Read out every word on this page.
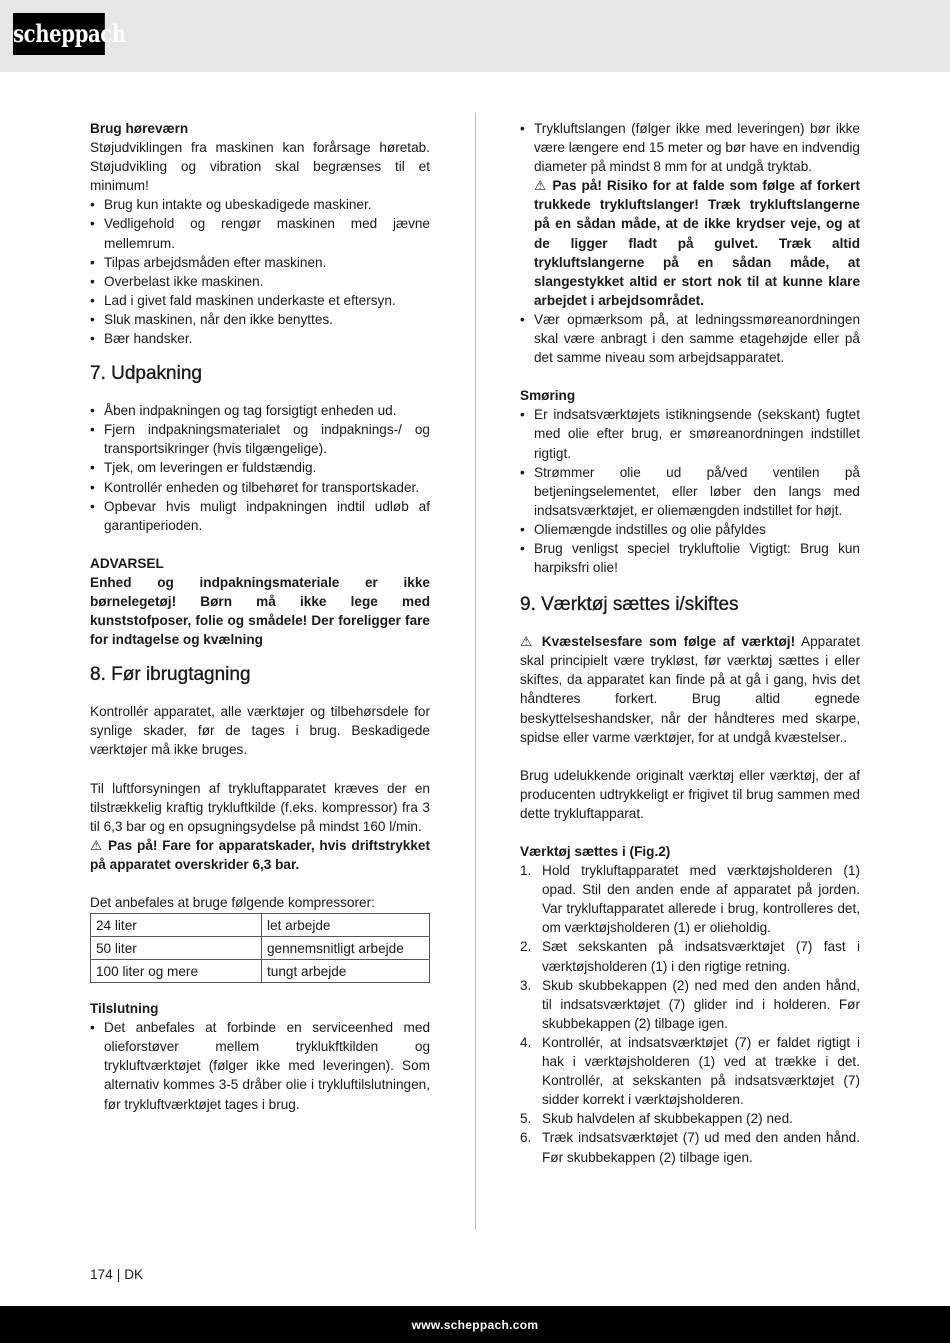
scheppach
Brug høreværn

Støjudviklingen fra maskinen kan forårsage høretab. Støjudvikling og vibration skal begrænses til et minimum!

• Brug kun intakte og ubeskadigede maskiner.
• Vedligehold og rengør maskinen med jævne mellemrum.
• Tilpas arbejdsmåden efter maskinen.
• Overbelast ikke maskinen.
• Lad i givet fald maskinen underkaste et eftersyn.
• Sluk maskinen, når den ikke benyttes.
• Bær handsker.
7. Udpakning
• Åben indpakningen og tag forsigtigt enheden ud.
• Fjern indpakningsmaterialet og indpaknings-/ og transportsikringer (hvis tilgængelige).
• Tjek, om leveringen er fuldstændig.
• Kontrollér enheden og tilbehøret for transportskader.
• Opbevar hvis muligt indpakningen indtil udløb af garantiperioden.
ADVARSEL

Enhed og indpakningsmateriale er ikke børnelegetøj! Børn må ikke lege med kunststofposer, folie og smådele! Der foreligger fare for indtagelse og kvælning

8. Før ibrugtagning

Kontrollér apparatet, alle værktøjer og tilbehørsdele for synlige skader, før de tages i brug. Beskadigede værktøjer må ikke bruges.

Til luftforsyningen af trykluftapparatet kræves der en tilstrækkelig kraftig trykluftkilde (f.eks. kompressor) fra 3 til 6,3 bar og en opsugningsydelse på mindst 160 l/min.

⚠ Pas på! Fare for apparatskader, hvis driftstrykket på apparatet overskrider 6,3 bar.

Det anbefales at bruge følgende kompressorer:

24 liter	let arbejde
50 liter	gennemsnitligt arbejde
100 liter og mere	tungt arbejde
Tilslutning
• Det anbefales at forbinde en serviceenhed med olieforstøver mellem tryklukftkilden og trykluftværktøjet (følger ikke med leveringen). Som alternativ kommes 3-5 dråber olie i trykluftilslutningen, før trykluftværktøjet tages i brug.
• Trykluftslangen (følger ikke med leveringen) bør ikke være længere end 15 meter og bør have en indvendig diameter på mindst 8 mm for at undgå tryktab.
⚠ Pas på! Risiko for at falde som følge af forkert trukkede trykluftslanger! Træk trykluftslangerne på en sådan måde, at de ikke krydser veje, og at de ligger fladt på gulvet. Træk altid trykluftslangerne på en sådan måde, at slangestykket altid er stort nok til at kunne klare arbejdet i arbejdsområdet.
• Vær opmærksom på, at ledningssmøreanordningen skal være anbragt i den samme etagehøjde eller på det samme niveau som arbejdsapparatet.
Smøring
• Er indsatsværktøjets istikningsende (sekskant) fugtet med olie efter brug, er smøreanordningen indstillet rigtigt.
• Strømmer olie ud på/ved ventilen på betjeningselementet, eller løber den langs med indsatsværktøjet, er oliemængden indstillet for højt.
• Oliemængde indstilles og olie påfyldes
• Brug venligst speciel trykluftolie Vigtigt: Brug kun harpiksfri olie!
9. Værktøj sættes i/skiftes

⚠ Kvæstelsesfare som følge af værktøj! Apparatet skal principielt være trykløst, før værktøj sættes i eller skiftes, da apparatet kan finde på at gå i gang, hvis det håndteres forkert. Brug altid egnede beskyttelseshandsker, når der håndteres med skarpe, spidse eller varme værktøjer, for at undgå kvæstelser..

Brug udelukkende originalt værktøj eller værktøj, der af producenten udtrykkeligt er frigivet til brug sammen med dette trykluftapparat.

Værktøj sættes i (Fig.2)
1. Hold trykluftapparatet med værktøjsholderen (1) opad. Stil den anden ende af apparatet på jorden. Var trykluftapparatet allerede i brug, kontrolleres det, om værktøjsholderen (1) er olieholdig.
2. Sæt sekskanten på indsatsværktøjet (7) fast i værktøjsholderen (1) i den rigtige retning.
3. Skub skubbekappen (2) ned med den anden hånd, til indsatsværktøjet (7) glider ind i holderen. Før skubbekappen (2) tilbage igen.
4. Kontrollér, at indsatsværktøjet (7) er faldet rigtigt i hak i værktøjsholderen (1) ved at trække i det. Kontrollér, at sekskanten på indsatsværktøjet (7) sidder korrekt i værktøjsholderen.
5. Skub halvdelen af skubbekappen (2) ned.
6. Træk indsatsværktøjet (7) ud med den anden hånd. Før skubbekappen (2) tilbage igen.
174 | DK
www.scheppach.com
